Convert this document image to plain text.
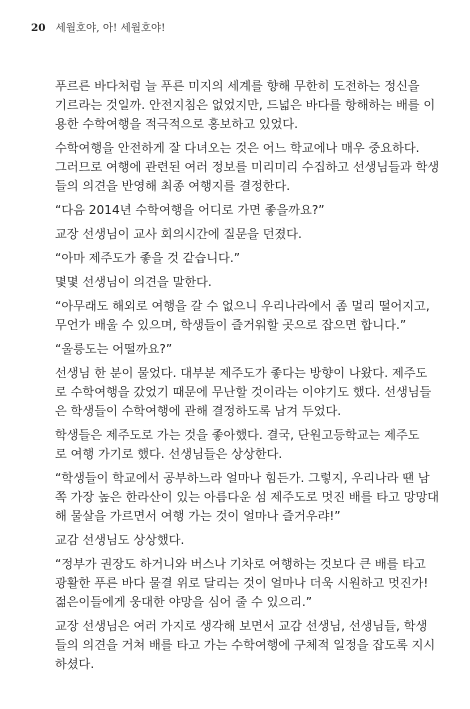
20 세월호야, 아! 세월호야!
푸르른 바다처럼 늘 푸른 미지의 세계를 향해 무한히 도전하는 정신을
기르라는 것일까. 안전지침은 없었지만, 드넓은 바다를 항해하는 배를 이
용한 수학여행을 적극적으로 홍보하고 있었다.
수학여행을 안전하게 잘 다녀오는 것은 어느 학교에나 매우 중요하다.
그러므로 여행에 관련된 여러 정보를 미리미리 수집하고 선생님들과 학생
들의 의견을 반영해 최종 여행지를 결정한다.
“다음 2014년 수학여행을 어디로 가면 좋을까요?”
교장 선생님이 교사 회의시간에 질문을 던졌다.
“아마 제주도가 좋을 것 같습니다.”
몇몇 선생님이 의견을 말한다.
“아무래도 해외로 여행을 갈 수 없으니 우리나라에서 좀 멀리 떨어지고,
무언가 배울 수 있으며, 학생들이 즐거워할 곳으로 잡으면 합니다.”
“울릉도는 어떨까요?”
선생님 한 분이 물었다. 대부분 제주도가 좋다는 방향이 나왔다. 제주도
로 수학여행을 갔었기 때문에 무난할 것이라는 이야기도 했다. 선생님들
은 학생들이 수학여행에 관해 결정하도록 남겨 두었다.
학생들은 제주도로 가는 것을 좋아했다. 결국, 단원고등학교는 제주도
로 여행 가기로 했다. 선생님들은 상상한다.
“학생들이 학교에서 공부하느라 얼마나 힘든가. 그렇지, 우리나라 땐 남
쪽 가장 높은 한라산이 있는 아름다운 섬 제주도로 멋진 배를 타고 망망대
해 물살을 가르면서 여행 가는 것이 얼마나 즐거우랴!”
교감 선생님도 상상했다.
“정부가 권장도 하거니와 버스나 기차로 여행하는 것보다 큰 배를 타고
광활한 푸른 바다 물결 위로 달리는 것이 얼마나 더욱 시원하고 멋진가!
젊은이들에게 웅대한 야망을 심어 줄 수 있으리.”
교장 선생님은 여러 가지로 생각해 보면서 교감 선생님, 선생님들, 학생
들의 의견을 거쳐 배를 타고 가는 수학여행에 구체적 일정을 잡도록 지시
하셨다.
